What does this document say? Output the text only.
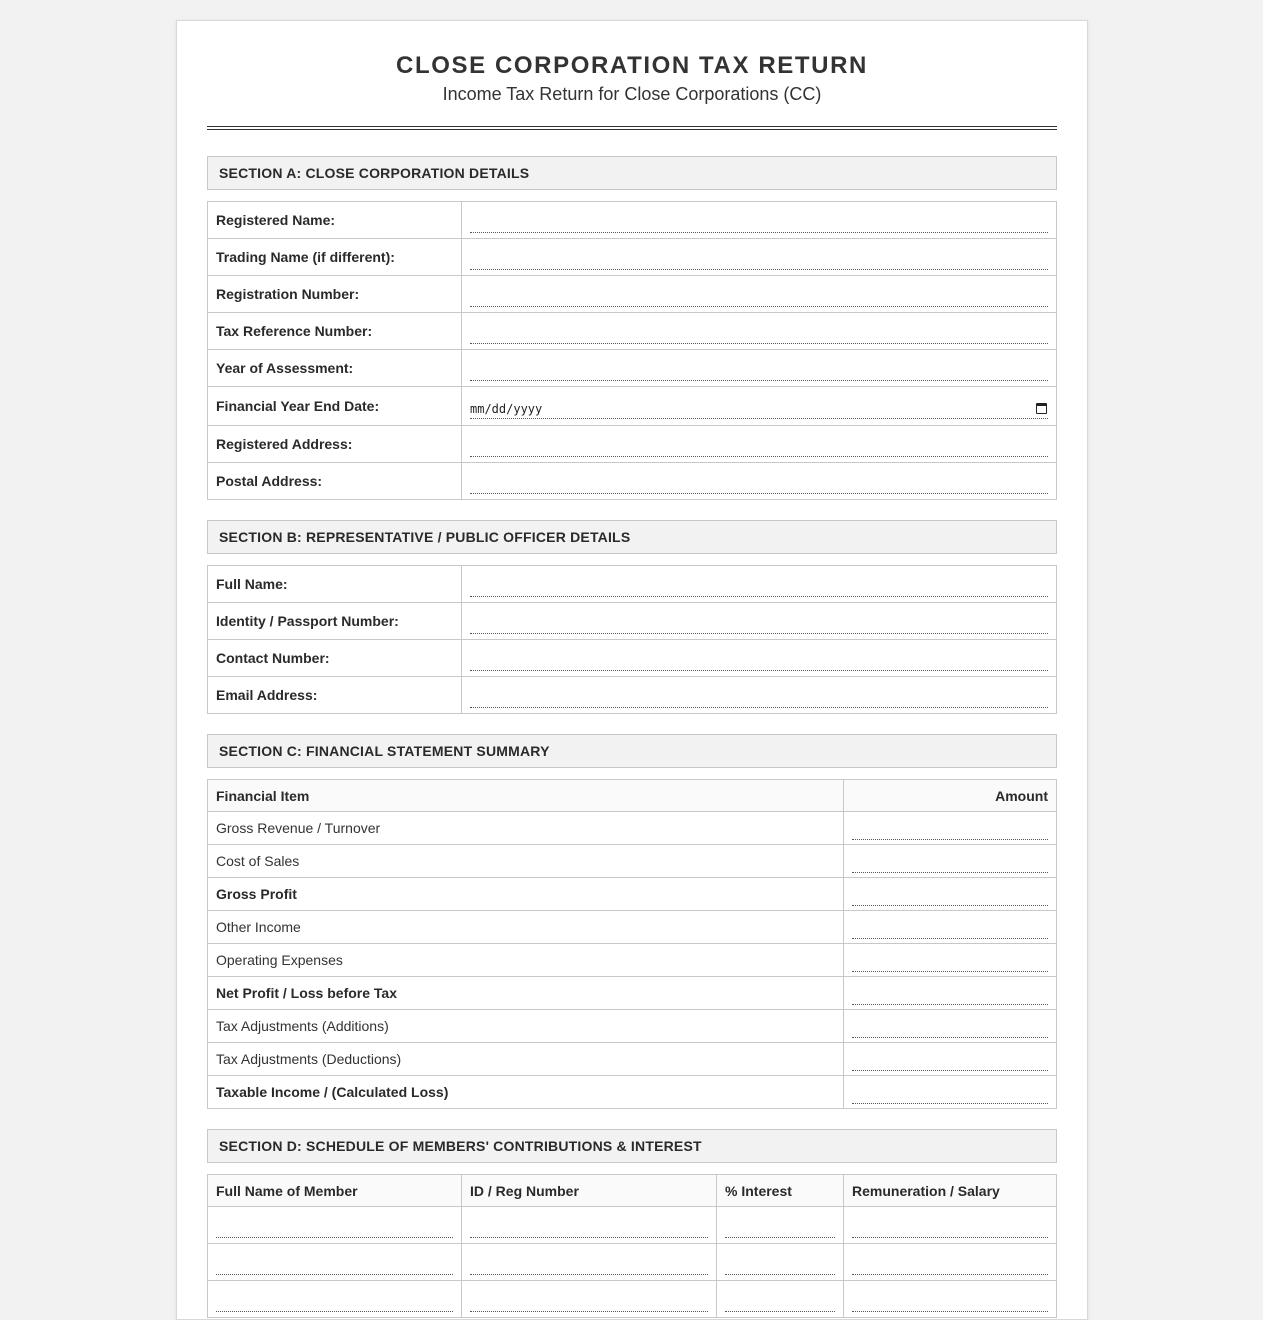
CLOSE CORPORATION TAX RETURN
Income Tax Return for Close Corporations (CC)
SECTION A: CLOSE CORPORATION DETAILS
Registered Name:	

Trading Name (if different):	

Registration Number:	

Tax Reference Number:	

Year of Assessment:	

Financial Year End Date:	mm/dd/yyyy

Registered Address:	

Postal Address:	
SECTION B: REPRESENTATIVE / PUBLIC OFFICER DETAILS
Full Name:	

Identity / Passport Number:	

Contact Number:	

Email Address:	
SECTION C: FINANCIAL STATEMENT SUMMARY
Financial Item	Amount
Gross Revenue / Turnover	

Cost of Sales	

Gross Profit	

Other Income	

Operating Expenses	

Net Profit / Loss before Tax	

Tax Adjustments (Additions)	

Tax Adjustments (Deductions)	

Taxable Income / (Calculated Loss)	
SECTION D: SCHEDULE OF MEMBERS' CONTRIBUTIONS & INTEREST
Full Name of Member	ID / Reg Number	% Interest	Remuneration / Salary
